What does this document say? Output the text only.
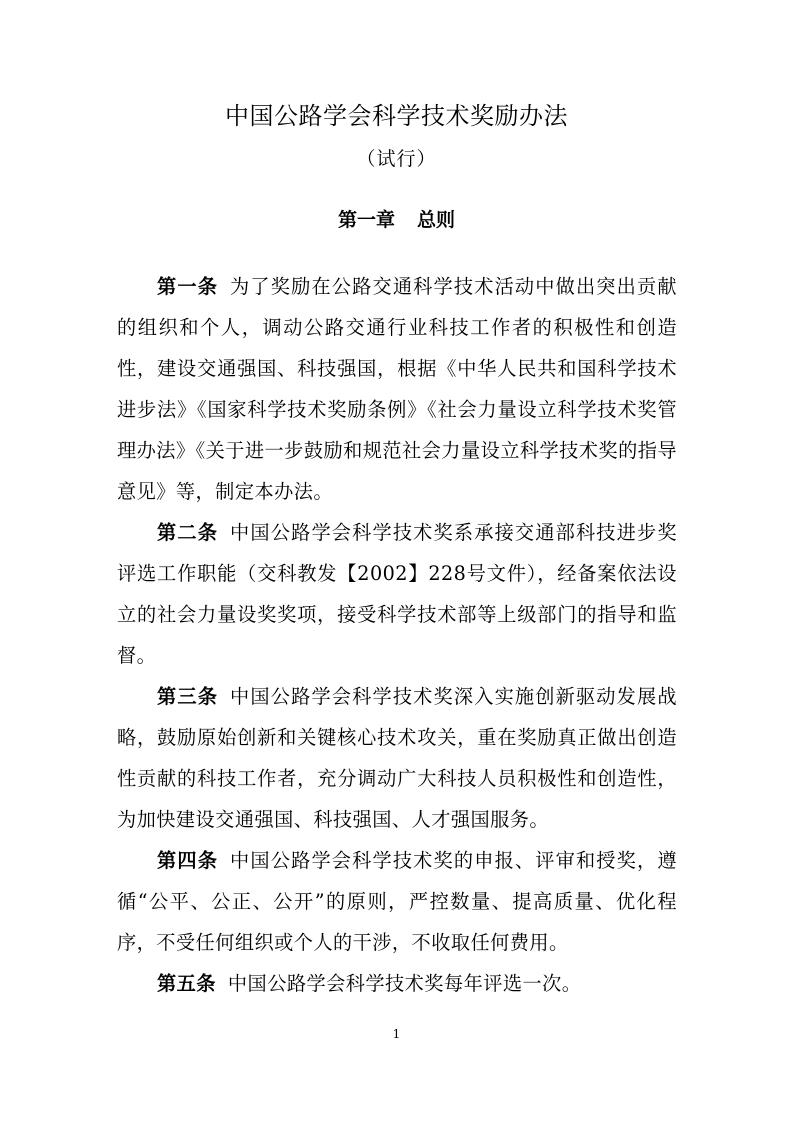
中国公路学会科学技术奖励办法
（试行）
第一章 总则

第一条 为了奖励在公路交通科学技术活动中做出突出贡献的组织和个人，调动公路交通行业科技工作者的积极性和创造性，建设交通强国、科技强国，根据《中华人民共和国科学技术进步法》《国家科学技术奖励条例》《社会力量设立科学技术奖管理办法》《关于进一步鼓励和规范社会力量设立科学技术奖的指导意见》等，制定本办法。

第二条 中国公路学会科学技术奖系承接交通部科技进步奖评选工作职能（交科教发【2002】228号文件），经备案依法设立的社会力量设奖奖项，接受科学技术部等上级部门的指导和监督。

第三条 中国公路学会科学技术奖深入实施创新驱动发展战略，鼓励原始创新和关键核心技术攻关，重在奖励真正做出创造性贡献的科技工作者，充分调动广大科技人员积极性和创造性，为加快建设交通强国、科技强国、人才强国服务。

第四条 中国公路学会科学技术奖的申报、评审和授奖，遵循“公平、公正、公开”的原则，严控数量、提高质量、优化程序，不受任何组织或个人的干涉，不收取任何费用。

第五条 中国公路学会科学技术奖每年评选一次。

1
